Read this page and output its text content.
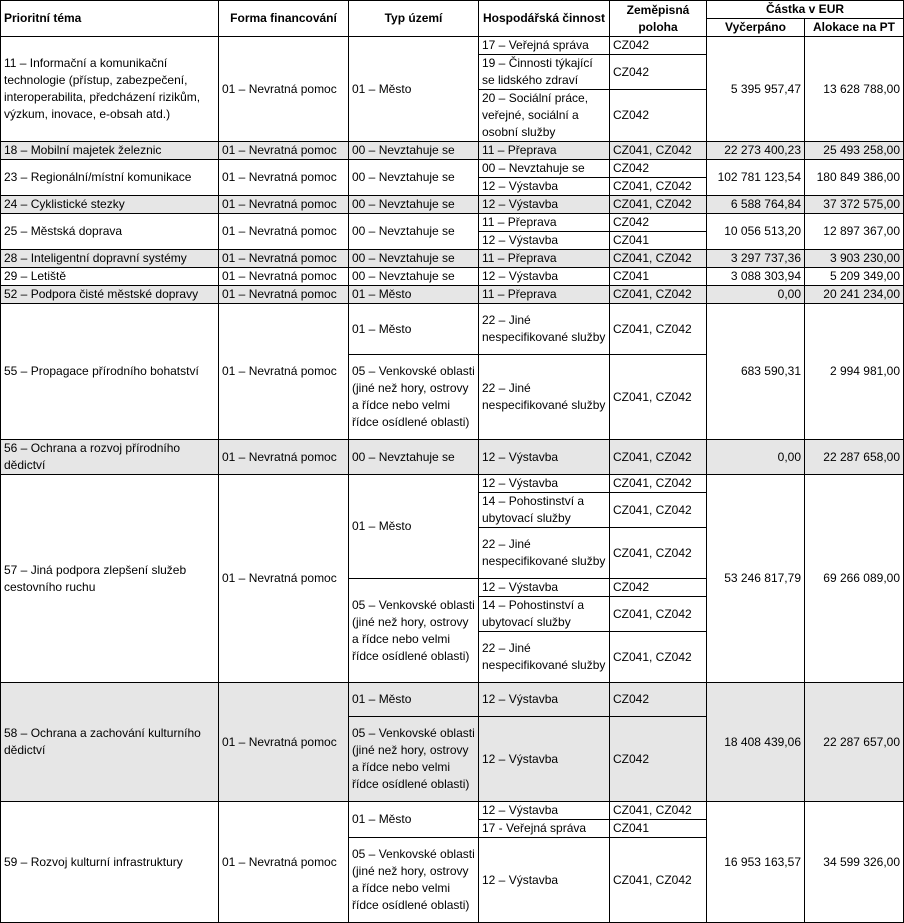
Prioritní téma	Forma financování	Typ území	Hospodářská činnost	Zeměpisná poloha	Částka v EUR	
					Vyčerpáno	Alokace na PT
11 – Informační a komunikační technologie (přístup, zabezpečení, interoperabilita, předcházení rizikům, výzkum, inovace, e-obsah atd.)	01 – Nevratná pomoc	01 – Město	17 – Veřejná správa	CZ042	5 395 957,47	13 628 788,00
			19 – Činnosti týkající se lidského zdraví	CZ042		
			20 – Sociální práce, veřejné, sociální a osobní služby	CZ042		
18 – Mobilní majetek železnic	01 – Nevratná pomoc	00 – Nevztahuje se	11 – Přeprava	CZ041, CZ042	22 273 400,23	25 493 258,00
23 – Regionální/místní komunikace	01 – Nevratná pomoc	00 – Nevztahuje se	00 – Nevztahuje se	CZ042	102 781 123,54	180 849 386,00
			12 – Výstavba	CZ041, CZ042		
24 – Cyklistické stezky	01 – Nevratná pomoc	00 – Nevztahuje se	12 – Výstavba	CZ041, CZ042	6 588 764,84	37 372 575,00
25 – Městská doprava	01 – Nevratná pomoc	00 – Nevztahuje se	11 – Přeprava	CZ042	10 056 513,20	12 897 367,00
			12 – Výstavba	CZ041		
28 – Inteligentní dopravní systémy	01 – Nevratná pomoc	00 – Nevztahuje se	11 – Přeprava	CZ041, CZ042	3 297 737,36	3 903 230,00
29 – Letiště	01 – Nevratná pomoc	00 – Nevztahuje se	12 – Výstavba	CZ041	3 088 303,94	5 209 349,00
52 – Podpora čisté městské dopravy	01 – Nevratná pomoc	01 – Město	11 – Přeprava	CZ041, CZ042	0,00	20 241 234,00
55 – Propagace přírodního bohatství	01 – Nevratná pomoc	01 – Město	22 – Jiné nespecifikované služby	CZ041, CZ042	683 590,31	2 994 981,00
		05 – Venkovské oblasti (jiné než hory, ostrovy a řídce nebo velmi řídce osídlené oblasti)	22 – Jiné nespecifikované služby	CZ041, CZ042		
56 – Ochrana a rozvoj přírodního dědictví	01 – Nevratná pomoc	00 – Nevztahuje se	12 – Výstavba	CZ041, CZ042	0,00	22 287 658,00
57 – Jiná podpora zlepšení služeb cestovního ruchu	01 – Nevratná pomoc	01 – Město	12 – Výstavba	CZ041, CZ042	53 246 817,79	69 266 089,00
			14 – Pohostinství a ubytovací služby	CZ041, CZ042		
			22 – Jiné nespecifikované služby	CZ041, CZ042		
		05 – Venkovské oblasti (jiné než hory, ostrovy a řídce nebo velmi řídce osídlené oblasti)	12 – Výstavba	CZ042		
			14 – Pohostinství a ubytovací služby	CZ041, CZ042		
			22 – Jiné nespecifikované služby	CZ041, CZ042		
58 – Ochrana a zachování kulturního dědictví	01 – Nevratná pomoc	01 – Město	12 – Výstavba	CZ042	18 408 439,06	22 287 657,00
		05 – Venkovské oblasti (jiné než hory, ostrovy a řídce nebo velmi řídce osídlené oblasti)	12 – Výstavba	CZ042		
59 – Rozvoj kulturní infrastruktury	01 – Nevratná pomoc	01 – Město	12 – Výstavba	CZ041, CZ042	16 953 163,57	34 599 326,00
			17 - Veřejná správa	CZ041		
		05 – Venkovské oblasti (jiné než hory, ostrovy a řídce nebo velmi řídce osídlené oblasti)	12 – Výstavba	CZ041, CZ042		
